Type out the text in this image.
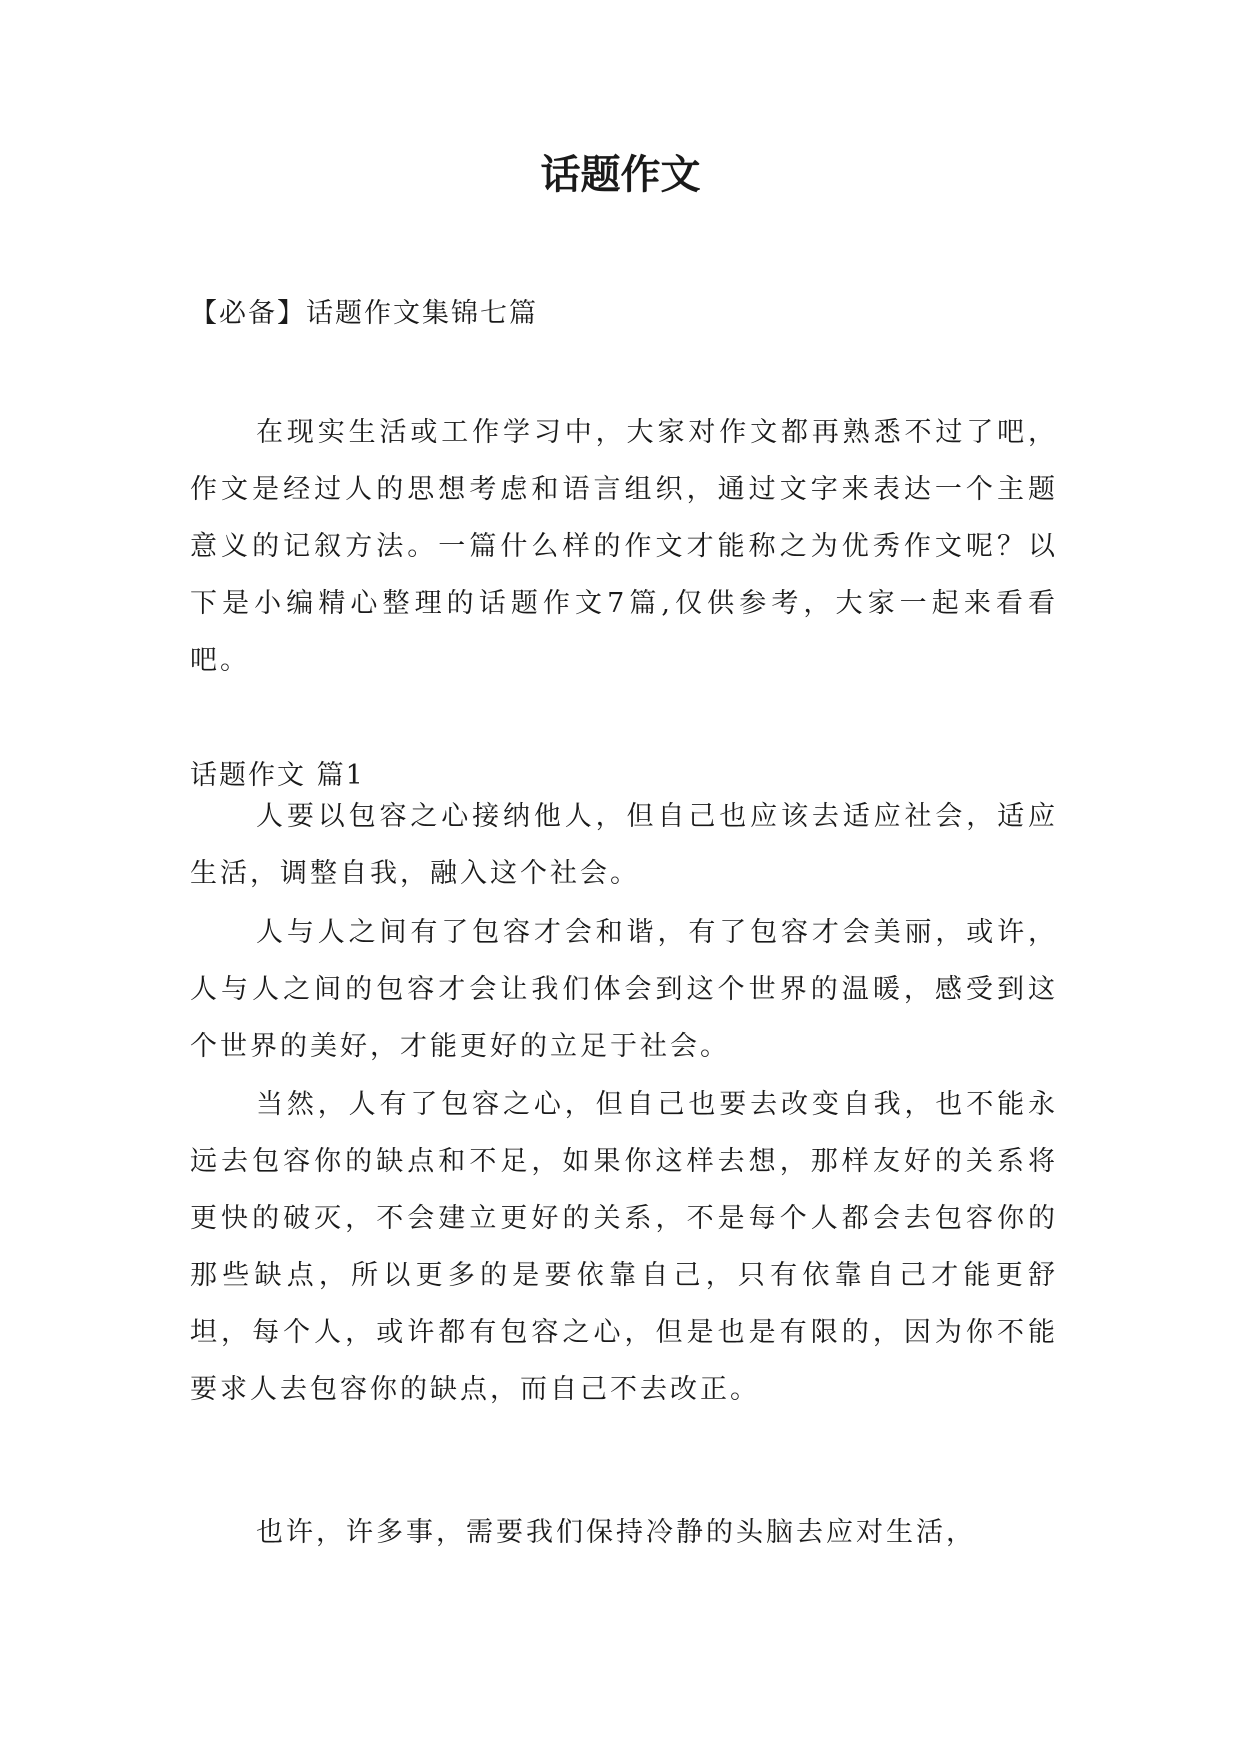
话题作文

【必备】话题作文集锦七篇

在现实生活或工作学习中，大家对作文都再熟悉不过了吧，作文是经过人的思想考虑和语言组织，通过文字来表达一个主题意义的记叙方法。一篇什么样的作文才能称之为优秀作文呢？以下是小编精心整理的话题作文7篇,仅供参考，大家一起来看看吧。

话题作文 篇1

人要以包容之心接纳他人，但自己也应该去适应社会，适应生活，调整自我，融入这个社会。

人与人之间有了包容才会和谐，有了包容才会美丽，或许，人与人之间的包容才会让我们体会到这个世界的温暖，感受到这个世界的美好，才能更好的立足于社会。

当然，人有了包容之心，但自己也要去改变自我，也不能永远去包容你的缺点和不足，如果你这样去想，那样友好的关系将更快的破灭，不会建立更好的关系，不是每个人都会去包容你的那些缺点，所以更多的是要依靠自己，只有依靠自己才能更舒坦，每个人，或许都有包容之心，但是也是有限的，因为你不能要求人去包容你的缺点，而自己不去改正。

也许，许多事，需要我们保持冷静的头脑去应对生活，
